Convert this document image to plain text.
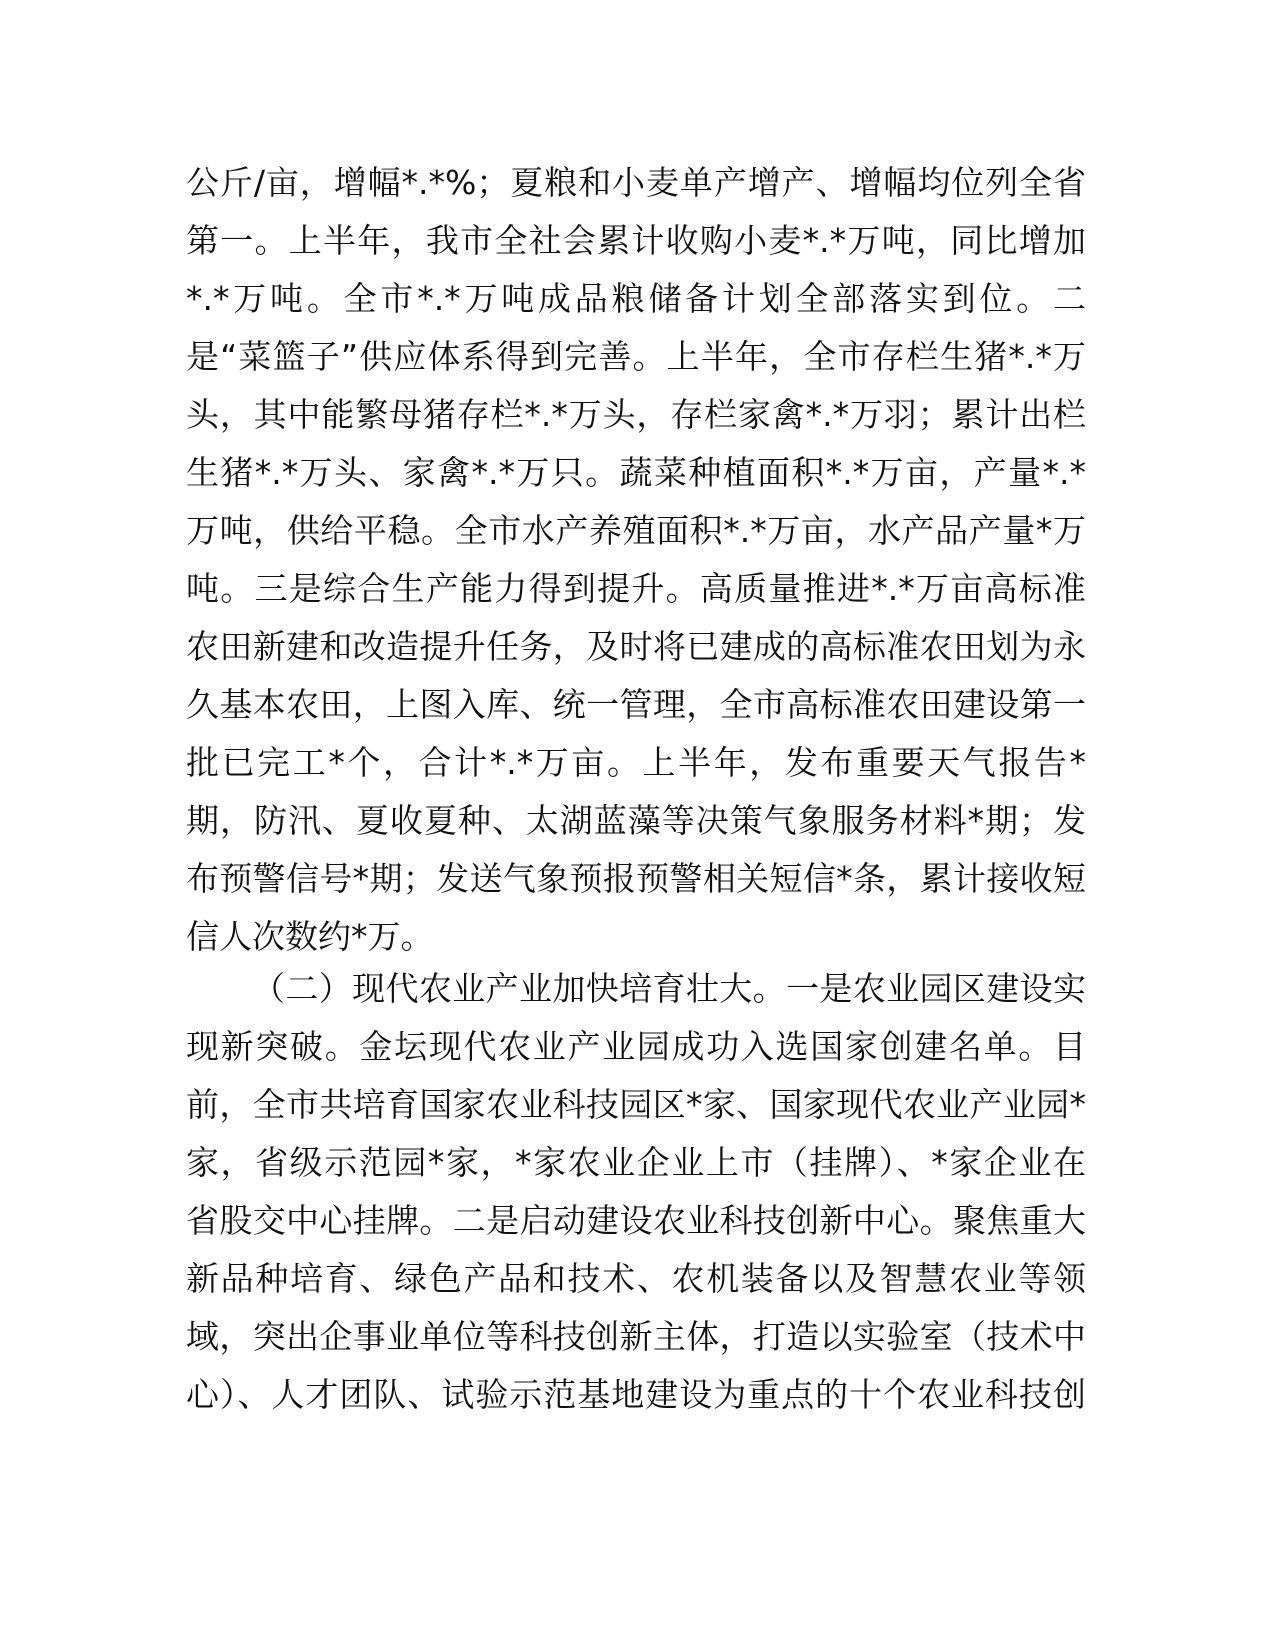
公斤/亩，增幅*.*%；夏粮和小麦单产增产、增幅均位列全省
第一。上半年，我市全社会累计收购小麦*.*万吨，同比增加
*.*万吨。全市*.*万吨成品粮储备计划全部落实到位。二
是“菜篮子”供应体系得到完善。上半年，全市存栏生猪*.*万
头，其中能繁母猪存栏*.*万头，存栏家禽*.*万羽；累计出栏
生猪*.*万头、家禽*.*万只。蔬菜种植面积*.*万亩，产量*.*
万吨，供给平稳。全市水产养殖面积*.*万亩，水产品产量*万
吨。三是综合生产能力得到提升。高质量推进*.*万亩高标准
农田新建和改造提升任务，及时将已建成的高标准农田划为永
久基本农田，上图入库、统一管理，全市高标准农田建设第一
批已完工*个，合计*.*万亩。上半年，发布重要天气报告*
期，防汛、夏收夏种、太湖蓝藻等决策气象服务材料*期；发
布预警信号*期；发送气象预报预警相关短信*条，累计接收短
信人次数约*万。
（二）现代农业产业加快培育壮大。一是农业园区建设实
现新突破。金坛现代农业产业园成功入选国家创建名单。目
前，全市共培育国家农业科技园区*家、国家现代农业产业园*
家，省级示范园*家，*家农业企业上市（挂牌）、*家企业在
省股交中心挂牌。二是启动建设农业科技创新中心。聚焦重大
新品种培育、绿色产品和技术、农机装备以及智慧农业等领
域，突出企事业单位等科技创新主体，打造以实验室（技术中
心）、人才团队、试验示范基地建设为重点的十个农业科技创
